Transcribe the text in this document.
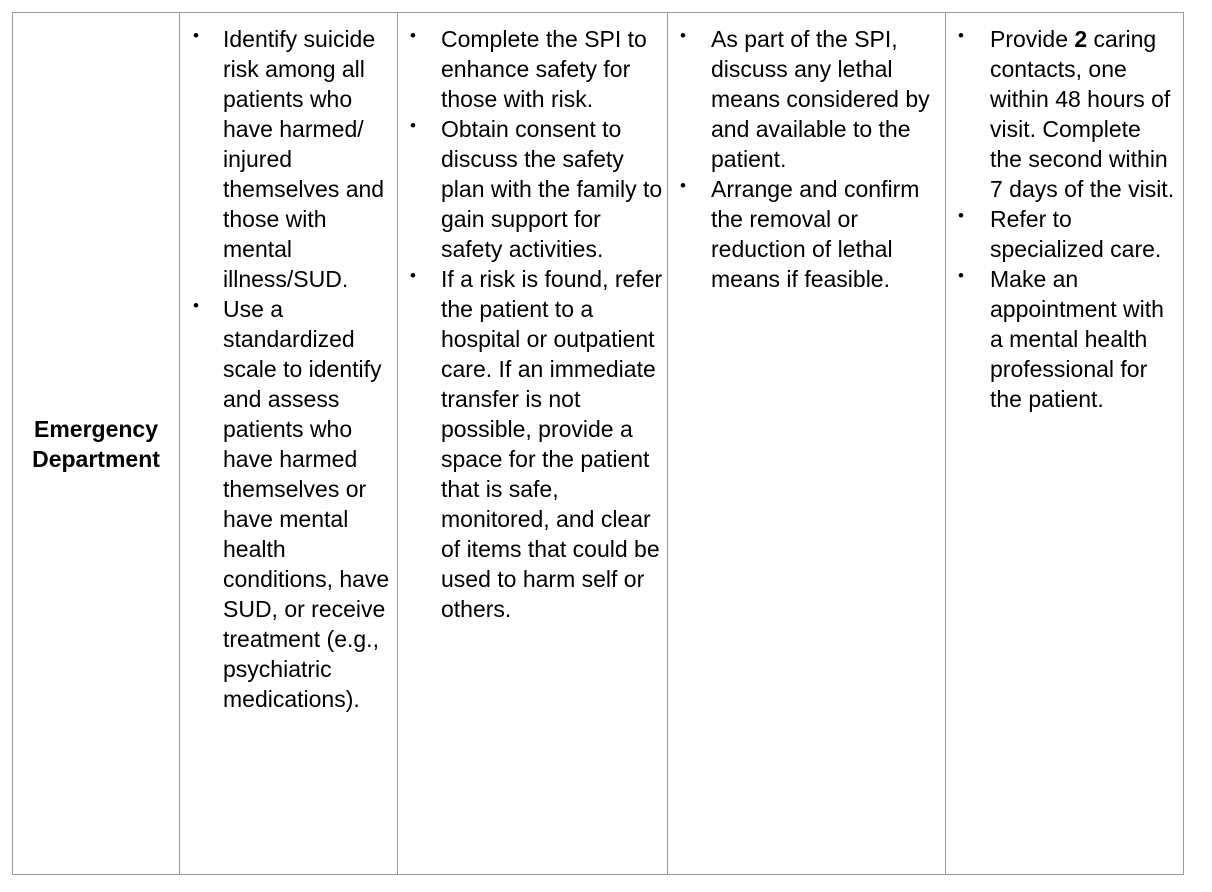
Emergency Department

• Identify suicide risk among all patients who have harmed/ injured themselves and those with mental illness/SUD.
• Use a standardized scale to identify and assess patients who have harmed themselves or have mental health conditions, have SUD, or receive treatment (e.g., psychiatric medications).

• Complete the SPI to enhance safety for those with risk.
• Obtain consent to discuss the safety plan with the family to gain support for safety activities.
• If a risk is found, refer the patient to a hospital or outpatient care. If an immediate transfer is not possible, provide a space for the patient that is safe, monitored, and clear of items that could be used to harm self or others.

• As part of the SPI, discuss any lethal means considered by and available to the patient.
• Arrange and confirm the removal or reduction of lethal means if feasible.

• Provide 2 caring contacts, one within 48 hours of visit. Complete the second within 7 days of the visit.
• Refer to specialized care.
• Make an appointment with a mental health professional for the patient.
